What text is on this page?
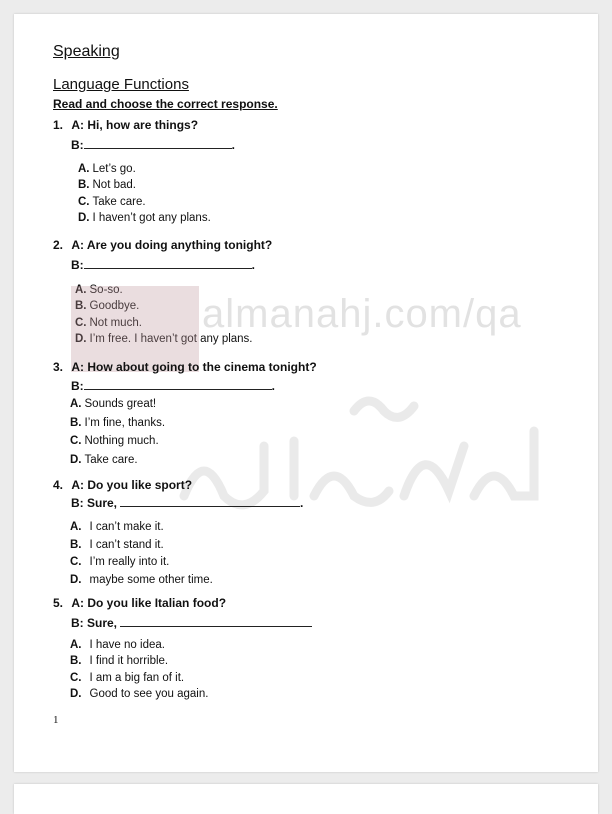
Speaking
Language Functions
Read and choose the correct response.
1. A: Hi, how are things?
B:	.
A. Let’s go.
B. Not bad.
C. Take care.
D. I haven’t got any plans.
2. A: Are you doing anything tonight?
B:	.
A. So-so.
B. Goodbye.
C. Not much.
D. I’m free. I haven’t got any plans.
almanahj.com/qa
3. A: How about going to the cinema tonight?
B:	.
A. Sounds great!
B. I’m fine, thanks.
C. Nothing much.
D. Take care.
4. A: Do you like sport?
B: Sure,	.
A. I can’t make it.
B. I can’t stand it.
C. I’m really into it.
D. maybe some other time.
5. A: Do you like Italian food?
B: Sure,
A. I have no idea.
B. I find it horrible.
C. I am a big fan of it.
D. Good to see you again.
1
